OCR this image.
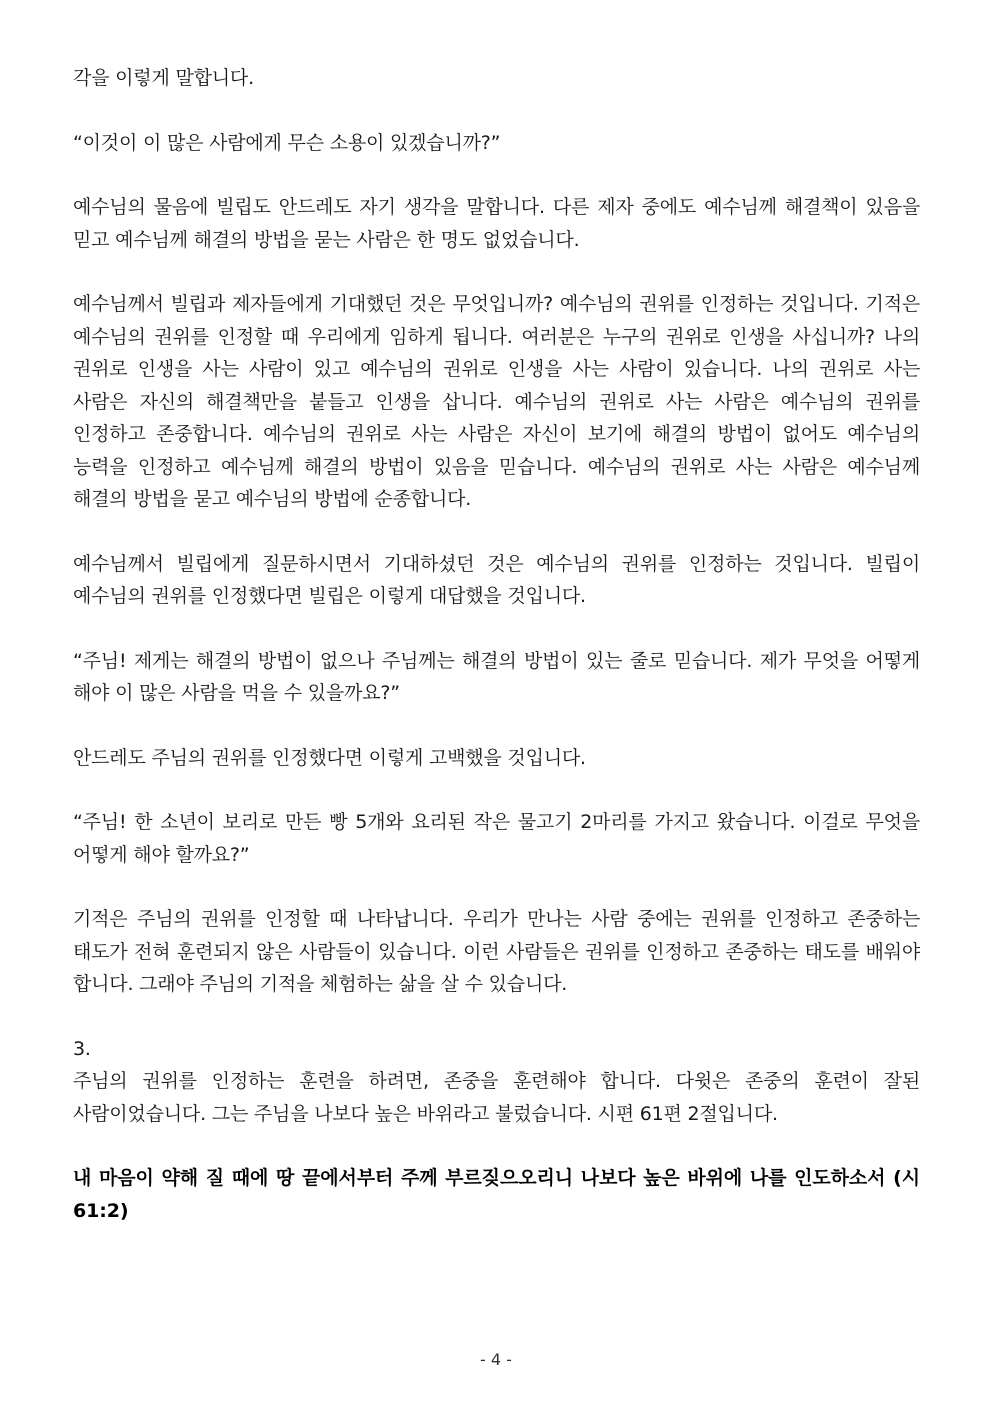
각을 이렇게 말합니다.

“이것이 이 많은 사람에게 무슨 소용이 있겠습니까?”

예수님의 물음에 빌립도 안드레도 자기 생각을 말합니다. 다른 제자 중에도 예수님께 해결책이 있음을 믿고 예수님께 해결의 방법을 묻는 사람은 한 명도 없었습니다.

예수님께서 빌립과 제자들에게 기대했던 것은 무엇입니까? 예수님의 권위를 인정하는 것입니다. 기적은 예수님의 권위를 인정할 때 우리에게 임하게 됩니다. 여러분은 누구의 권위로 인생을 사십니까? 나의 권위로 인생을 사는 사람이 있고 예수님의 권위로 인생을 사는 사람이 있습니다. 나의 권위로 사는 사람은 자신의 해결책만을 붙들고 인생을 삽니다. 예수님의 권위로 사는 사람은 예수님의 권위를 인정하고 존중합니다. 예수님의 권위로 사는 사람은 자신이 보기에 해결의 방법이 없어도 예수님의 능력을 인정하고 예수님께 해결의 방법이 있음을 믿습니다. 예수님의 권위로 사는 사람은 예수님께 해결의 방법을 묻고 예수님의 방법에 순종합니다.

예수님께서 빌립에게 질문하시면서 기대하셨던 것은 예수님의 권위를 인정하는 것입니다. 빌립이 예수님의 권위를 인정했다면 빌립은 이렇게 대답했을 것입니다.

“주님! 제게는 해결의 방법이 없으나 주님께는 해결의 방법이 있는 줄로 믿습니다. 제가 무엇을 어떻게 해야 이 많은 사람을 먹을 수 있을까요?”

안드레도 주님의 권위를 인정했다면 이렇게 고백했을 것입니다.

“주님! 한 소년이 보리로 만든 빵 5개와 요리된 작은 물고기 2마리를 가지고 왔습니다. 이걸로 무엇을 어떻게 해야 할까요?”

기적은 주님의 권위를 인정할 때 나타납니다. 우리가 만나는 사람 중에는 권위를 인정하고 존중하는 태도가 전혀 훈련되지 않은 사람들이 있습니다. 이런 사람들은 권위를 인정하고 존중하는 태도를 배워야 합니다. 그래야 주님의 기적을 체험하는 삶을 살 수 있습니다.

3.

주님의 권위를 인정하는 훈련을 하려면, 존중을 훈련해야 합니다. 다윗은 존중의 훈련이 잘된 사람이었습니다. 그는 주님을 나보다 높은 바위라고 불렀습니다. 시편 61편 2절입니다.

내 마음이 약해 질 때에 땅 끝에서부터 주께 부르짖으오리니 나보다 높은 바위에 나를 인도하소서 (시 61:2)

- 4 -
